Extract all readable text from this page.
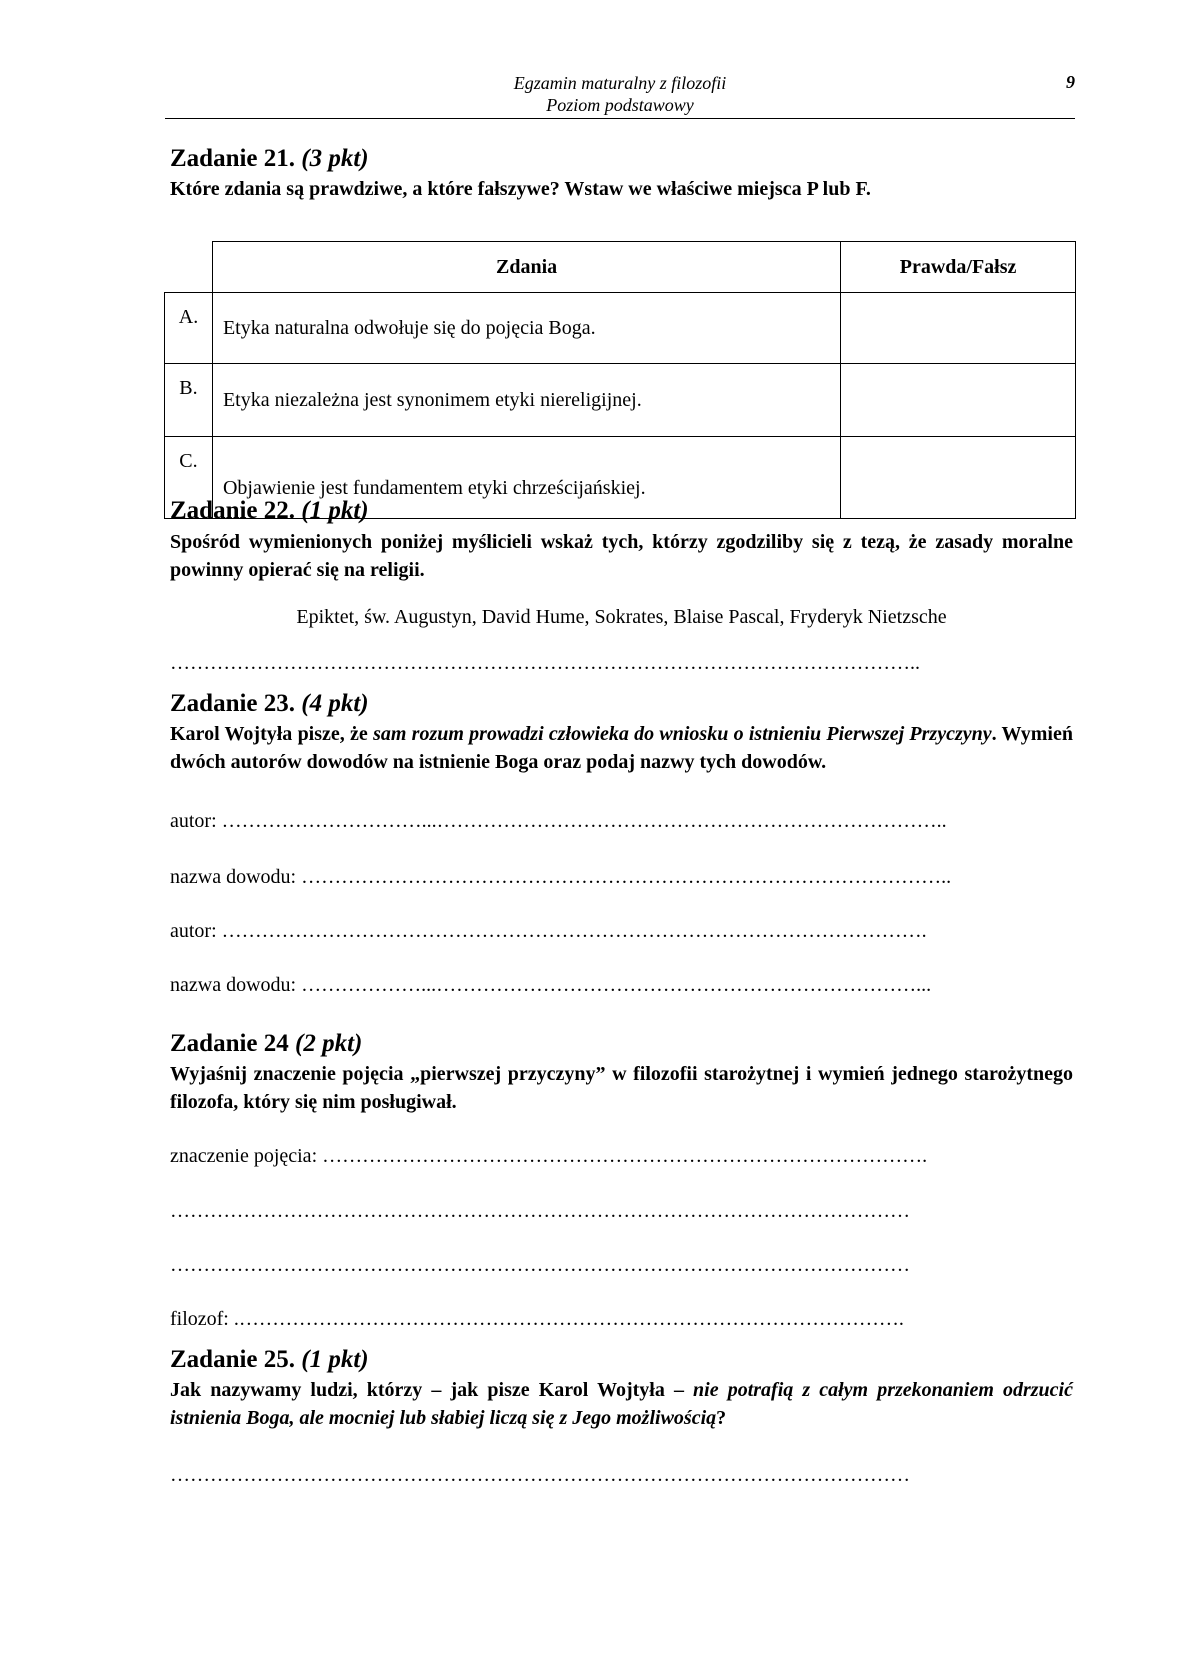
Egzamin maturalny z filozofii
Poziom podstawowy
9
Zadanie 21. (3 pkt)
Które zdania są prawdziwe, a które fałszywe? Wstaw we właściwe miejsca P lub F.
	Zdania	Prawda/Fałsz
A.	Etyka naturalna odwołuje się do pojęcia Boga.	
B.	Etyka niezależna jest synonimem etyki niereligijnej.	
C.	Objawienie jest fundamentem etyki chrześcijańskiej.	
Zadanie 22. (1 pkt)
Spośród wymienionych poniżej myślicieli wskaż tych, którzy zgodziliby się z tezą, że zasady moralne powinny opierać się na religii.
Epiktet, św. Augustyn, David Hume, Sokrates, Blaise Pascal, Fryderyk Nietzsche
…………………………………………………………………………………………………..
Zadanie 23. (4 pkt)
Karol Wojtyła pisze, że sam rozum prowadzi człowieka do wniosku o istnieniu Pierwszej Przyczyny. Wymień dwóch autorów dowodów na istnienie Boga oraz podaj nazwy tych dowodów.
autor: …………………………...…………………………………………………………………..
nazwa dowodu: ……………………………………………………………………………………..
autor: …………………………………………………………………………………………….
nazwa dowodu: ………………...………………………………………………………………...
Zadanie 24 (2 pkt)
Wyjaśnij znaczenie pojęcia „pierwszej przyczyny” w filozofii starożytnej i wymień jednego starożytnego filozofa, który się nim posługiwał.
znaczenie pojęcia: ……………………………………………………………………………….
…………………………………………………………………………………………………
…………………………………………………………………………………………………
filozof: .……………………………………………………………………………………….
Zadanie 25. (1 pkt)
Jak nazywamy ludzi, którzy – jak pisze Karol Wojtyła – nie potrafią z całym przekonaniem odrzucić istnienia Boga, ale mocniej lub słabiej liczą się z Jego możliwością?
…………………………………………………………………………………………………
